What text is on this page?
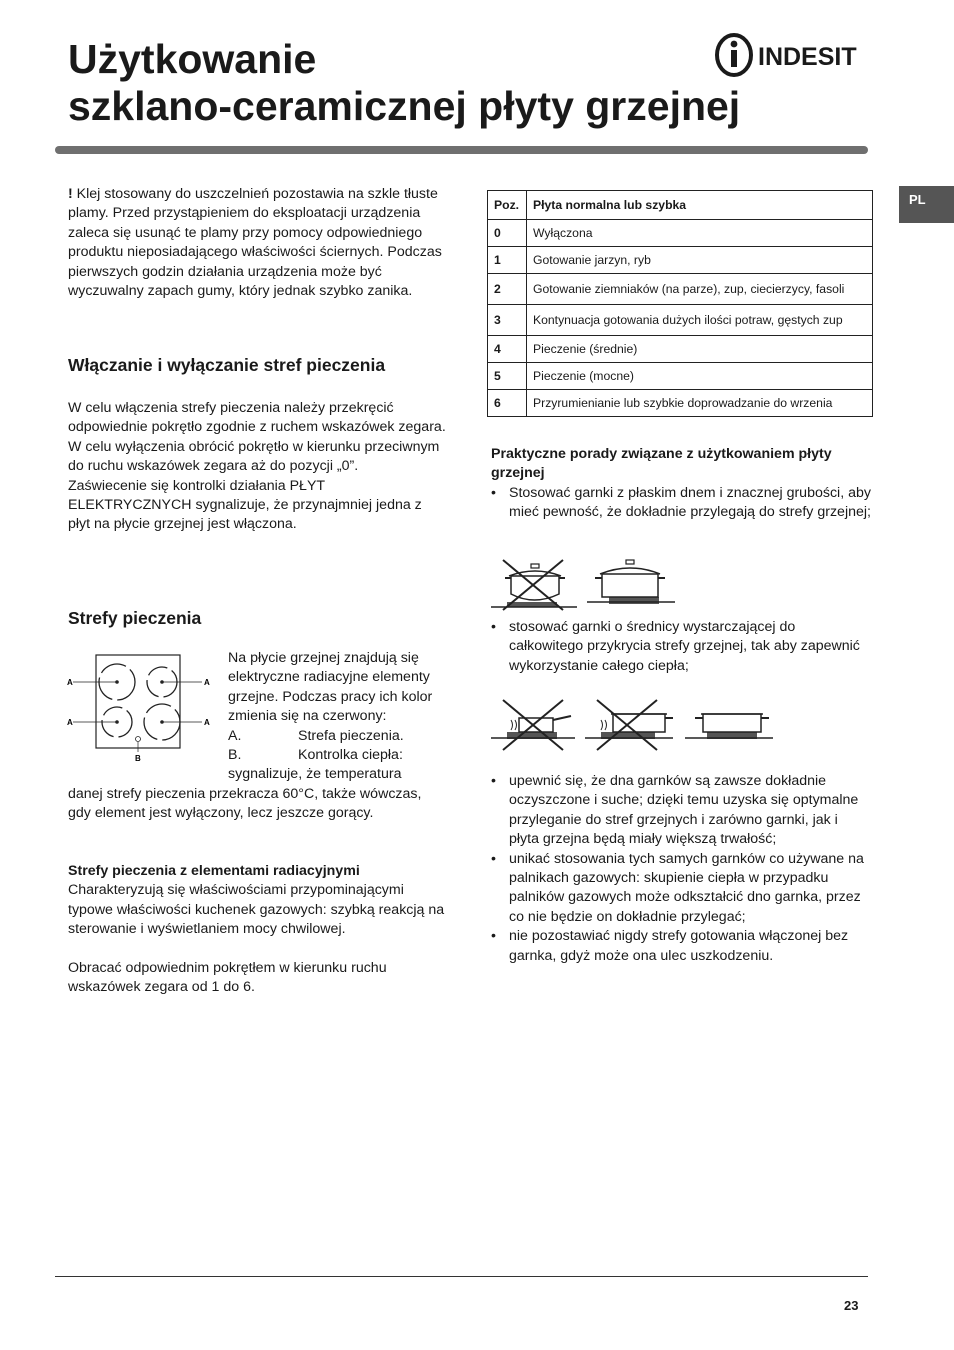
Użytkowanie
szklano-ceramicznej płyty grzejnej
INDESIT
PL

! Klej stosowany do uszczelnień pozostawia na szkle tłuste plamy. Przed przystąpieniem do eksploatacji urządzenia zaleca się usunąć te plamy przy pomocy odpowiedniego produktu nieposiadającego właściwości ściernych. Podczas pierwszych godzin działania urządzenia może być wyczuwalny zapach gumy, który jednak szybko zanika.

Włączanie i wyłączanie stref pieczenia

W celu włączenia strefy pieczenia należy przekręcić odpowiednie pokrętło zgodnie z ruchem wskazówek zegara.

W celu wyłączenia obrócić pokrętło w kierunku przeciwnym do ruchu wskazówek zegara aż do pozycji „0”.

Zaświecenie się kontrolki działania PŁYT ELEKTRYCZNYCH sygnalizuje, że przynajmniej jedna z płyt na płycie grzejnej jest włączona.

Strefy pieczenia
A	A
A	A
B

Na płycie grzejnej znajdują się elektryczne radiacyjne elementy grzejne. Podczas pracy ich kolor zmienia się na czerwony:

A.	Strefa pieczenia.

B.	Kontrolka ciepła:

sygnalizuje, że temperatura

danej strefy pieczenia przekracza 60°C, także wówczas, gdy element jest wyłączony, lecz jeszcze gorący.

Strefy pieczenia z elementami radiacyjnymi

Charakteryzują się właściwościami przypominającymi typowe właściwości kuchenek gazowych: szybką reakcją na sterowanie i wyświetlaniem mocy chwilowej.

Obracać odpowiednim pokrętłem w kierunku ruchu wskazówek zegara od 1 do 6.

Poz.	Płyta normalna lub szybka
0	Wyłączona
1	Gotowanie jarzyn, ryb
2	Gotowanie ziemniaków (na parze), zup, ciecierzycy, fasoli
3	Kontynuacja gotowania dużych ilości potraw, gęstych zup
4	Pieczenie (średnie)
5	Pieczenie (mocne)
6	Przyrumienianie lub szybkie doprowadzanie do wrzenia

Praktyczne porady związane z użytkowaniem płyty grzejnej

• Stosować garnki z płaskim dnem i znacznej grubości, aby mieć pewność, że dokładnie przylegają do strefy grzejnej;

• stosować garnki o średnicy wystarczającej do całkowitego przykrycia strefy grzejnej, tak aby zapewnić wykorzystanie całego ciepła;

• upewnić się, że dna garnków są zawsze dokładnie oczyszczone i suche; dzięki temu uzyska się optymalne przyleganie do stref grzejnych i zarówno garnki, jak i płyta grzejna będą miały większą trwałość;

• unikać stosowania tych samych garnków co używane na palnikach gazowych: skupienie ciepła w przypadku palników gazowych może odkształcić dno garnka, przez co nie będzie on dokładnie przylegać;

• nie pozostawiać nigdy strefy gotowania włączonej bez garnka, gdyż może ona ulec uszkodzeniu.

23
